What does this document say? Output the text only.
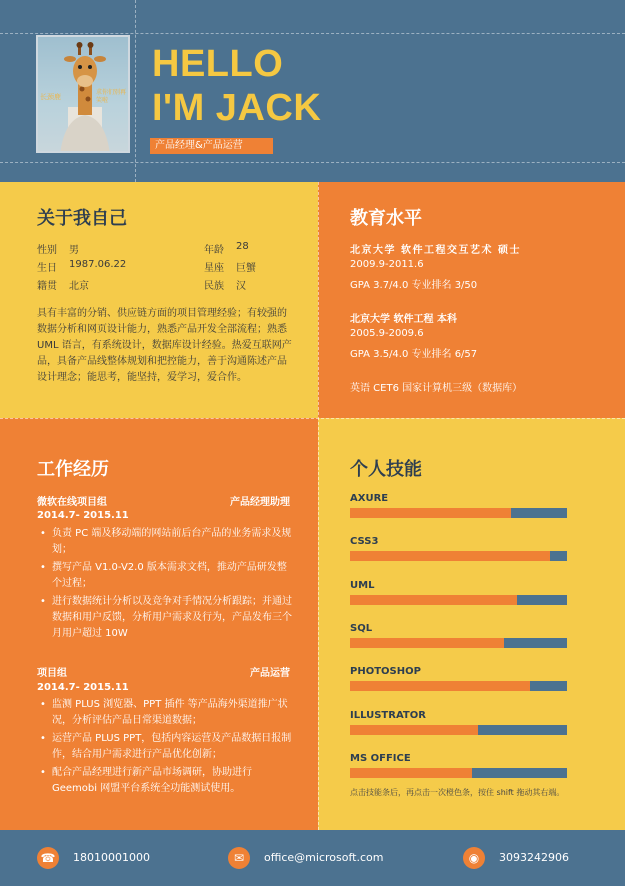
长颈鹿
求你们别再笑啦
HELLO
I'M JACK
产品经理&产品运营
关于我自己
性别 男	年龄 28
生日 1987.06.22	星座 巨蟹
籍贯 北京	民族 汉
具有丰富的分销、供应链方面的项目管理经验；有较强的数据分析和网页设计能力，熟悉产品开发全部流程；熟悉 UML 语言，有系统设计，数据库设计经验。热爱互联网产品，具备产品线整体规划和把控能力，善于沟通陈述产品设计理念；能思考，能坚持，爱学习，爱合作。
教育水平
北京大学 软件工程交互艺术 硕士
2009.9-2011.6
GPA 3.7/4.0 专业排名 3/50
北京大学 软件工程 本科
2005.9-2009.6
GPA 3.5/4.0 专业排名 6/57
英语 CET6 国家计算机三级（数据库）
工作经历
微软在线项目组	产品经理助理
2014.7- 2015.11
• 负责 PC 端及移动端的网站前后台产品的业务需求及规划；
• 撰写产品 V1.0-V2.0 版本需求文档，推动产品研发整个过程；
• 进行数据统计分析以及竞争对手情况分析跟踪；并通过数据和用户反馈，分析用户需求及行为，产品发布三个月用户超过 10W
项目组	产品运营
2014.7- 2015.11
• 监测 PLUS 浏览器、PPT 插件 等产品海外渠道推广状况，分析评估产品日常渠道数据；
• 运营产品 PLUS PPT，包括内容运营及产品数据日报制作，结合用户需求进行产品优化创新；
• 配合产品经理进行新产品市场调研，协助进行 Geemobi 网盟平台系统全功能测试使用。
个人技能
AXURE
CSS3
UML
SQL
PHOTOSHOP
ILLUSTRATOR
MS OFFICE
点击技能条后，再点击一次橙色条，按住 shift 拖动其右端。
☎	18010001000	✉	office@microsoft.com	◉	3093242906
